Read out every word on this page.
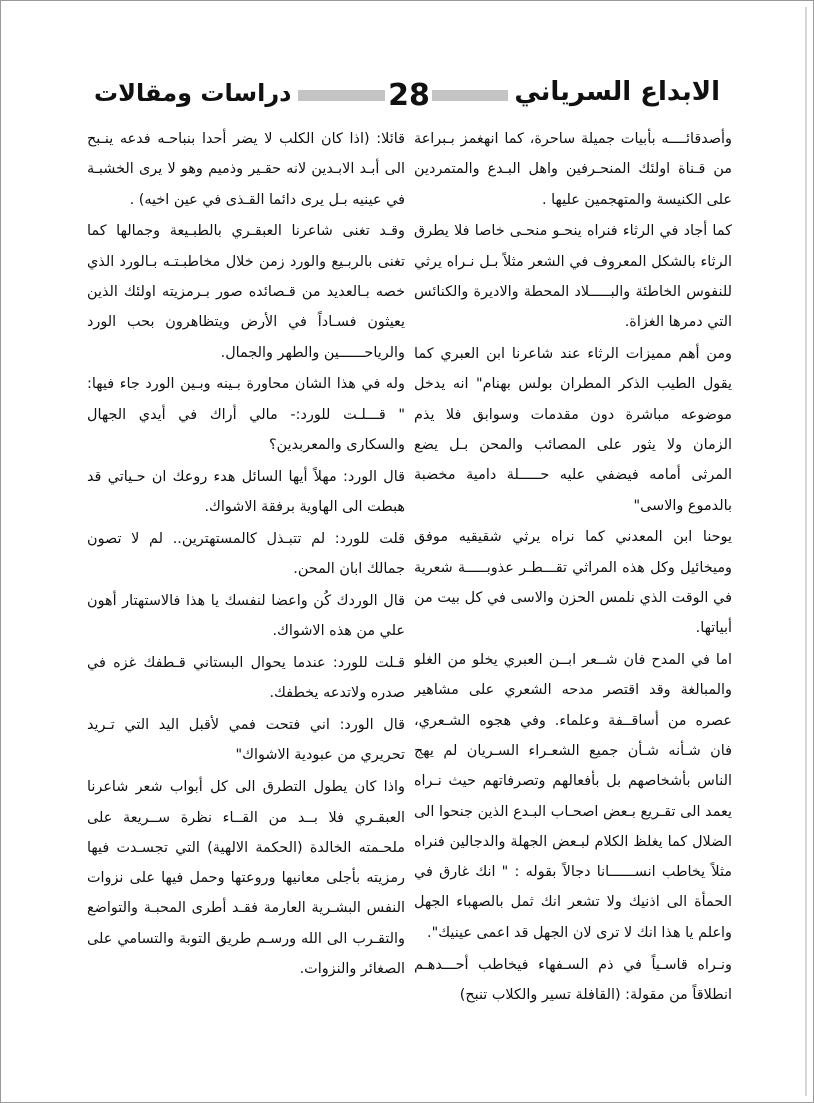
دراسات ومقالات	28	الابداع السرياني

وأصدقائــــه بأبيات جميلة ساحرة، كما انهغمز بـبراعة من قـناة اولئك المنحـرفين واهل البـدع والمتمردين على الكنيسة والمتهجمين عليها .

كما أجاد في الرثاء فنراه ينحـو منحـى خاصا فلا يطرق الرثاء بالشكل المعروف في الشعر مثلاً بـل نـراه يرثي للنفوس الخاطئة والبـــــلاد المحطة والاديرة والكنائس التي دمرها الغزاة.

ومن أهم مميزات الرثاء عند شاعرنا ابن العبري كما يقول الطيب الذكر المطران بولس بهنام" انه يدخل موضوعه مباشرة دون مقدمات وسوابق فلا يذم الزمان ولا يثور على المصائب والمحن بـل يضع المرثى أمامه فيضفي عليه حـــــلة دامية مخضبة بالدموع والاسى"

يوحنا ابن المعدني كما نراه يرثي شقيقيه موفق وميخائيل وكل هذه المراثي تقـــطـر عذوبـــــة شعرية في الوقت الذي نلمس الحزن والاسى في كل بيت من أبياتها.

اما في المدح فان شــعر ابــن العبري يخلو من الغلو والمبالغة وقد اقتصر مدحه الشعري على مشاهير عصره من أساقــفة وعلماء. وفي هجوه الشـعري، فان شـأنه شـأن جميع الشعـراء السـريان لم يهج الناس بأشخاصهم بل بأفعالهم وتصرفاتهم حيث نـراه يعمد الى تقـريع بـعض اصحـاب البـدع الذين جنحوا الى الضلال كما يغلظ الكلام لبـعض الجهلة والدجالين فنراه مثلاً يخاطب انســــــانا دجالاً بقوله : " انك غارق في الحمأة الى اذنيك ولا تشعر انك ثمل بالصهباء الجهل واعلم يا هذا انك لا ترى لان الجهل قد اعمى عينيك".

ونـراه قاسـياً في ذم السـفهاء فيخاطب أحـــدهـم انطلاقاً من مقولة: (القافلة تسير والكلاب تنبح)

قائلا: (اذا كان الكلب لا يضر أحدا بنباحـه فدعه ينـبح الى أبـد الابـدين لانه حقـير وذميم وهو لا يرى الخشبـة في عينيه بـل يرى دائما القـذى في عين اخيه) .

وقـد تغنى شاعرنا العبقـري بالطبـيعة وجمالها كما تغنى بالربـيع والورد زمن خلال مخاطبـتـه بـالورد الذي خصه بـالعديد من قـصائده صور بـرمزيته اولئك الذين يعيثون فسـاداً في الأرض ويتظاهرون بحب الورد والرياحــــــين والطهر والجمال.

وله في هذا الشان محاورة بـينه وبـين الورد جاء فيها: " قـــلـت للورد:- مالي أراك في أيدي الجهال والسكارى والمعربدين؟

قال الورد: مهلاً أيها السائل هدء روعك ان حـياتي قد هبطت الى الهاوية برفقة الاشواك.

قلت للورد: لم تتبـذل كالمستهترين.. لم لا تصون جمالك ابان المحن.

قال الوردك كُن واعضا لنفسك يا هذا فالاستهتار أهون علي من هذه الاشواك.

قـلت للورد: عندما يحوال البستاني قـطفك غزه في صدره ولاتدعه يخطفك.

قال الورد: اني فتحت فمي لأقبل اليد التي تـريد تحريري من عبودية الاشواك"

واذا كان يطول التطرق الى كل أبواب شعر شاعرنا العبقـري فلا بــد من القــاء نظرة ســريعة على ملحـمته الخالدة (الحكمة الالهية) التي تجسـدت فيها رمزيته بأجلى معانيها وروعتها وحمل فيها على نزوات النفس البشـرية العارمة فقـد أطرى المحبـة والتواضع والتقـرب الى الله ورسـم طريق التوبة والتسامي على الصغائر والنزوات.
